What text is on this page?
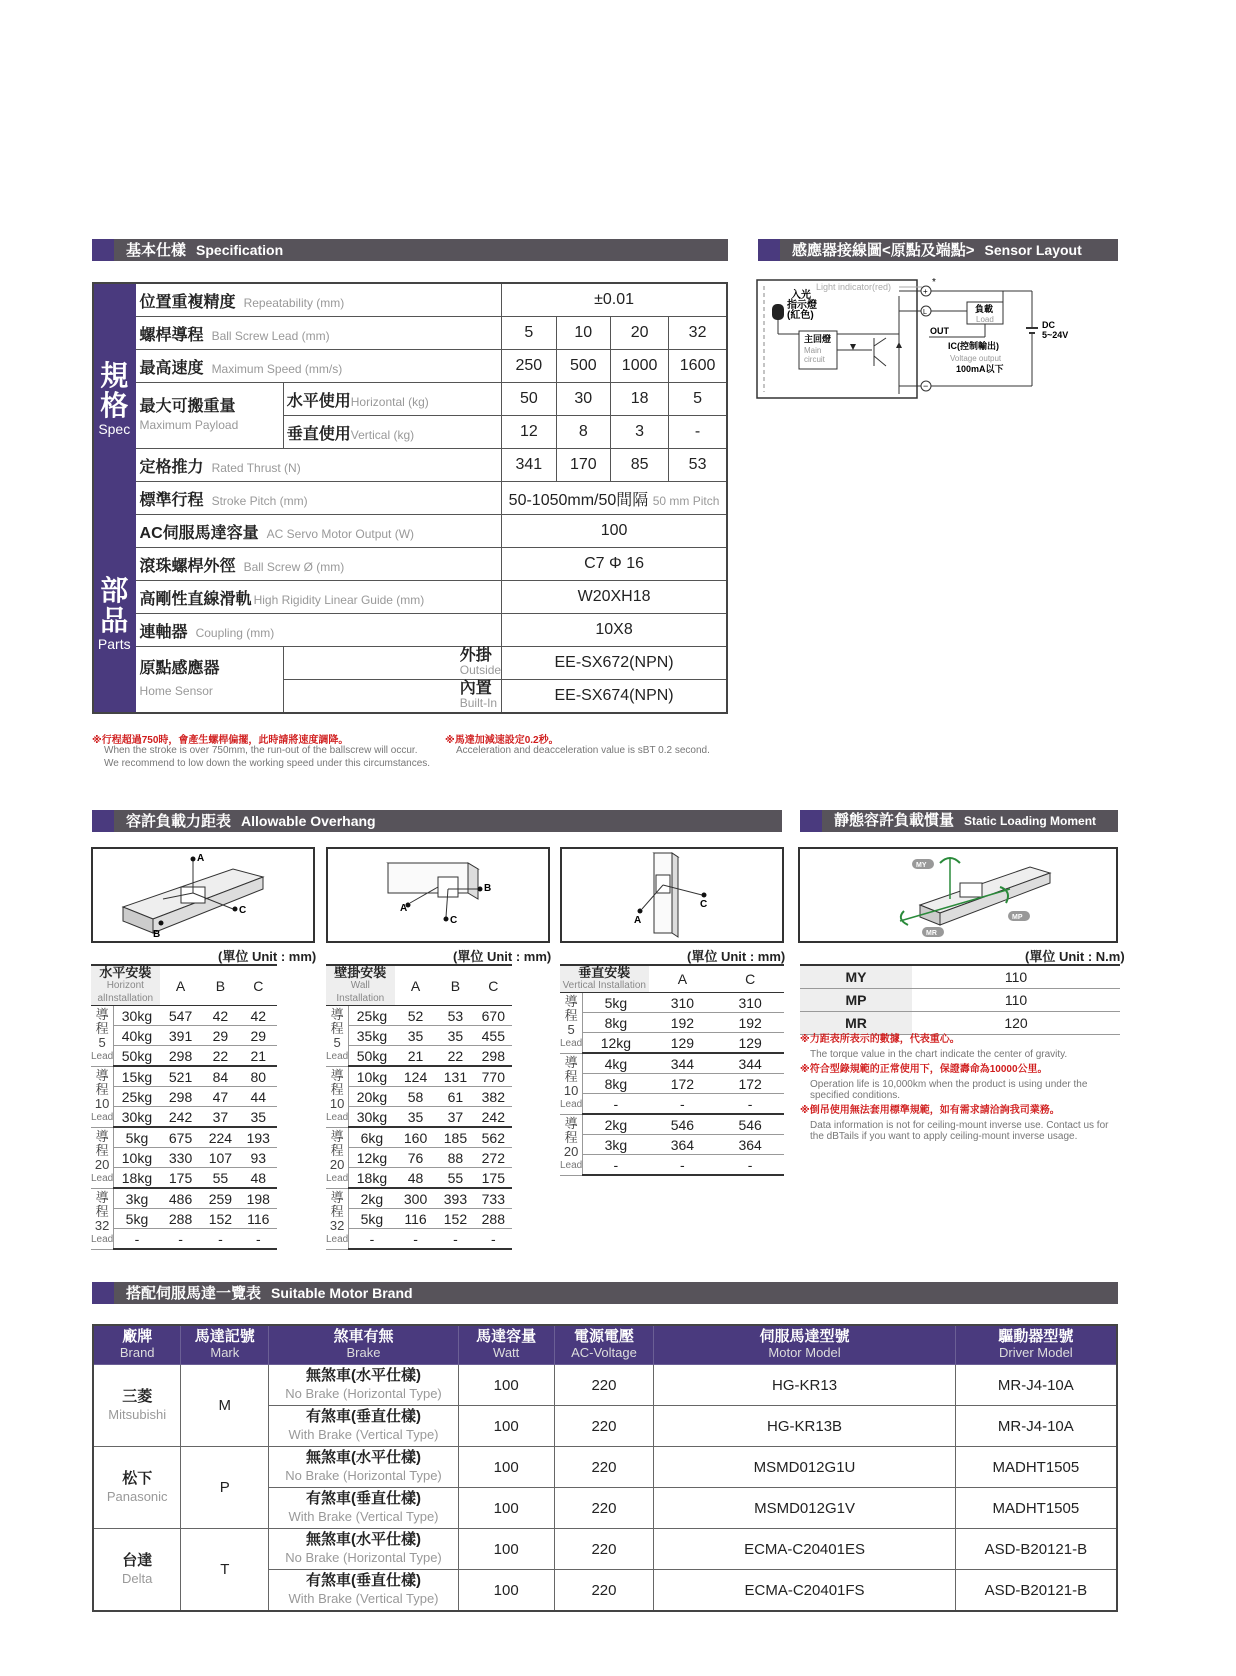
基本仕樣 Specification	感應器接線圖<原點及端點> Sensor Layout
規
格
Spec	位置重複精度 Repeatability (mm)		±0.01			
	螺桿導程 Ball Screw Lead (mm)		5	10	20	32
	最高速度 Maximum Speed (mm/s)		250	500	1000	1600
	最大可搬重量
Maximum Payload	水平使用Horizontal (kg)	50	30	18	5
		垂直使用Vertical (kg)	12	8	3	-
	定格推力 Rated Thrust (N)		341	170	85	53
	標準行程 Stroke Pitch (mm)		50-1050mm/50間隔 50 mm Pitch			

部
品
Parts	AC伺服馬達容量 AC Servo Motor Output (W)		100			
	滾珠螺桿外徑 Ball Screw Ø (mm)		C7 Φ 16			
	高剛性直線滑軌 High Rigidity Linear Guide (mm)		W20XH18			
	連軸器 Coupling (mm)		10X8			
	原點感應器
Home Sensor	外掛
Outside	EE-SX672(NPN)			
		內置
Built-In	EE-SX674(NPN)			
※行程超過750時，會產生螺桿偏擺，此時請將速度調降。
When the stroke is over 750mm, the run-out of the ballscrew will occur.
We recommend to low down the working speed under this circumstances.
※馬達加減速設定0.2秒。
Acceleration and deacceleration value is sBT 0.2 second.
Light indicator(red)
入光
指示燈
(紅色)
主回燈
Main
circuit
+
*
L
−
負載
Load
OUT
IC(控制輸出)
Voltage output
100mA以下
DC
5~24V
容許負載力距表 Allowable Overhang	靜態容許負載慣量 Static Loading Moment
A
B
C	A
B
C
C
A
MY
MP
MR
(單位 Unit : mm)	(單位 Unit : mm)	(單位 Unit : mm)	(單位 Unit : N.m)
水平安裝
Horizont alInstallation		A	B	C

導
程
5
Lead	30kg	547	42	42
	40kg	391	29	29
	50kg	298	22	21

導
程
10
Lead	15kg	521	84	80
	25kg	298	47	44
	30kg	242	37	35

導
程
20
Lead	5kg	675	224	193
	10kg	330	107	93
	18kg	175	55	48

導
程
32
Lead	3kg	486	259	198
	5kg	288	152	116
	-	-	-	-
壁掛安裝
Wall Installation		A	B	C

導
程
5
Lead	25kg	52	53	670
	35kg	35	35	455
	50kg	21	22	298

導
程
10
Lead	10kg	124	131	770
	20kg	58	61	382
	30kg	35	37	242

導
程
20
Lead	6kg	160	185	562
	12kg	76	88	272
	18kg	48	55	175

導
程
32
Lead	2kg	300	393	733
	5kg	116	152	288
	-	-	-	-
垂直安裝
Vertical Installation		A	C

導
程
5
Lead	5kg	310	310
	8kg	192	192
	12kg	129	129

導
程
10
Lead	4kg	344	344
	8kg	172	172
	-	-	-

導
程
20
Lead	2kg	546	546
	3kg	364	364
	-	-	-
MY	110
MP	110
MR	120
※力距表所表示的數據，代表重心。
The torque value in the chart indicate the center of gravity.
※符合型錄規範的正常使用下，保證壽命為10000公里。
Operation life is 10,000km when the product is using under the specified conditions.
※倒吊使用無法套用標準規範，如有需求請洽詢我司業務。
Data information is not for ceiling-mount inverse use. Contact us for the dBTails if you want to apply ceiling-mount inverse usage.
搭配伺服馬達一覽表 Suitable Motor Brand
廠牌
Brand	馬達記號
Mark	煞車有無
Brake	馬達容量
Watt	電源電壓
AC-Voltage	伺服馬達型號
Motor Model	驅動器型號
Driver Model

三菱
Mitsubishi	M	無煞車(水平仕樣)
No Brake (Horizontal Type)	100	220	HG-KR13	MR-J4-10A
		有煞車(垂直仕樣)
With Brake (Vertical Type)	100	220	HG-KR13B	MR-J4-10A
松下
Panasonic	P	無煞車(水平仕樣)
No Brake (Horizontal Type)	100	220	MSMD012G1U	MADHT1505
		有煞車(垂直仕樣)
With Brake (Vertical Type)	100	220	MSMD012G1V	MADHT1505
台達
Delta	T	無煞車(水平仕樣)
No Brake (Horizontal Type)	100	220	ECMA-C20401ES	ASD-B20121-B
		有煞車(垂直仕樣)
With Brake (Vertical Type)	100	220	ECMA-C20401FS	ASD-B20121-B
